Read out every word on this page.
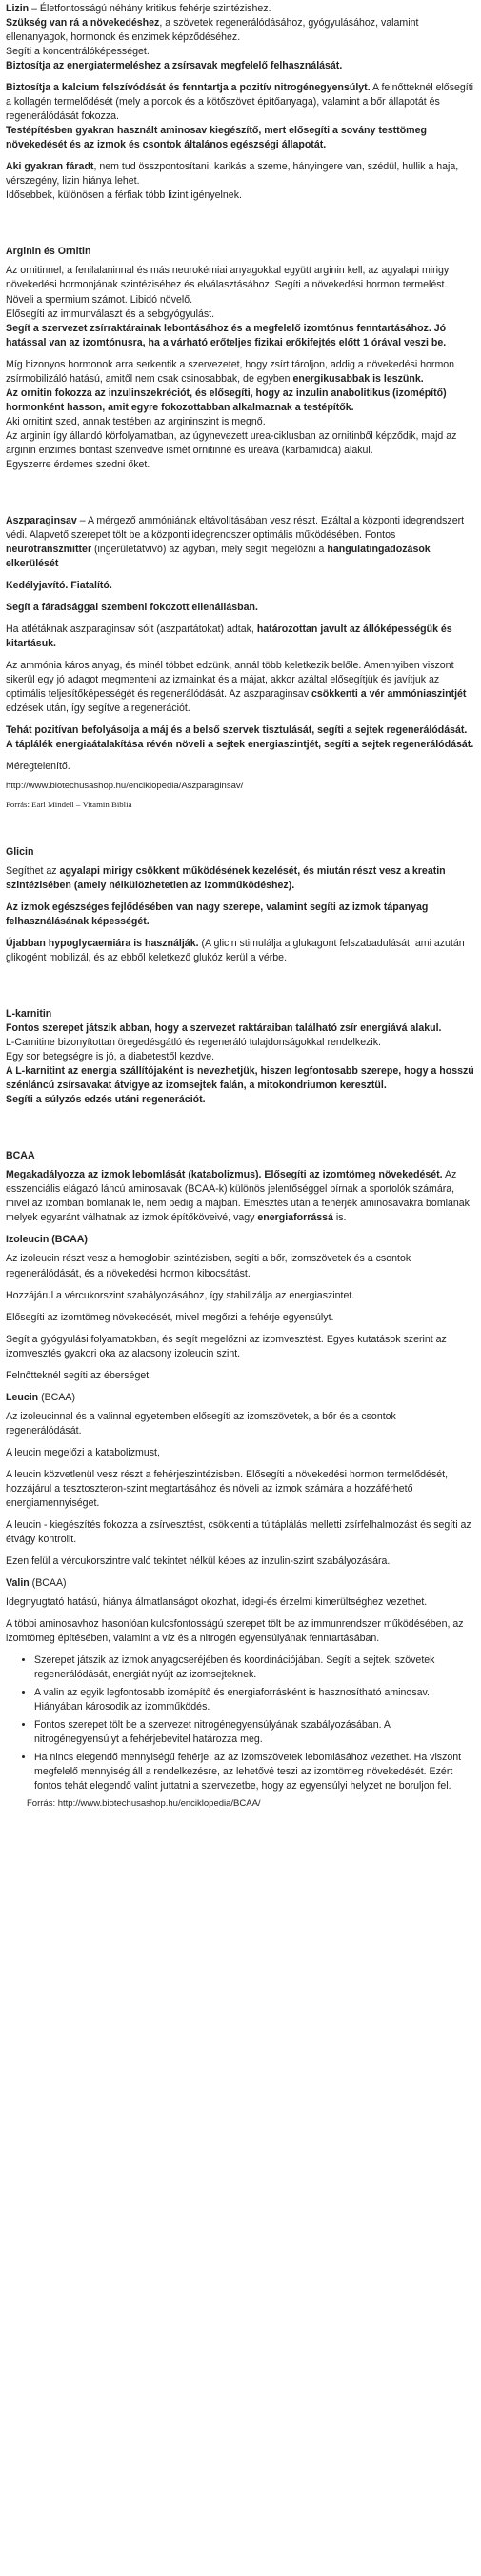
Lizin – Életfontosságú néhány kritikus fehérje szintézishez.
Szükség van rá a növekedéshez, a szövetek regenerálódásához, gyógyulásához, valamint ellenanyagok, hormonok és enzimek képződéséhez.
Segíti a koncentrálóképességet.
Biztosítja az energiatermeléshez a zsírsavak megfelelő felhasználását.

Biztosítja a kalcium felszívódását és fenntartja a pozitív nitrogénegyensúlyt. A felnőtteknél elősegíti a kollagén termelődését (mely a porcok és a kötőszövet építőanyaga), valamint a bőr állapotát és regenerálódását fokozza.
Testépítésben gyakran használt aminosav kiegészítő, mert elősegíti a sovány testtömeg növekedését és az izmok és csontok általános egészségi állapotát.

Aki gyakran fáradt, nem tud összpontosítani, karikás a szeme, hányingere van, szédül, hullik a haja, vérszegény, lizin hiánya lehet.
Idősebbek, különösen a férfiak több lizint igényelnek.

Arginin és Ornitin

Az ornitinnel, a fenilalaninnal és más neurokémiai anyagokkal együtt arginin kell, az agyalapi mirigy növekedési hormonjának szintéziséhez és elválasztásához. Segíti a növekedési hormon termelést.
Növeli a spermium számot. Libidó növelő.
Elősegíti az immunválaszt és a sebgyógyulást.
Segít a szervezet zsírraktárainak lebontásához és a megfelelő izomtónus fenntartásához. Jó hatással van az izomtónusra, ha a várható erőteljes fizikai erőkifejtés előtt 1 órával veszi be.

Míg bizonyos hormonok arra serkentik a szervezetet, hogy zsírt tároljon, addig a növekedési hormon zsírmobilizáló hatású, amitől nem csak csinosabbak, de egyben energikusabbak is leszünk.
Az ornitin fokozza az inzulinszekréciót, és elősegíti, hogy az inzulin anabolitikus (izomépítő) hormonként hasson, amit egyre fokozottabban alkalmaznak a testépítők.
Aki ornitint szed, annak testében az argininszint is megnő.
Az arginin így állandó körfolyamatban, az úgynevezett urea-ciklusban az ornitinből képződik, majd az arginin enzimes bontást szenvedve ismét ornitinné és ureává (karbamiddá) alakul.
Egyszerre érdemes szedni őket.

Aszparaginsav – A mérgező ammóniának eltávolításában vesz részt. Ezáltal a központi idegrendszert védi. Alapvető szerepet tölt be a központi idegrendszer optimális működésében. Fontos neurotranszmitter (ingerületátvivő) az agyban, mely segít megelőzni a hangulatingadozások elkerülését

Kedélyjavító. Fiatalító.

Segít a fáradsággal szembeni fokozott ellenállásban.

Ha atlétáknak aszparaginsav sóit (aszpartátokat) adtak, határozottan javult az állóképességük és kitartásuk.

Az ammónia káros anyag, és minél többet edzünk, annál több keletkezik belőle. Amennyiben viszont sikerül egy jó adagot megmenteni az izmainkat és a májat, akkor azáltal elősegítjük és javítjuk az optimális teljesítőképességét és regenerálódását. Az aszparaginsav csökkenti a vér ammóniaszintjét edzések után, így segítve a regenerációt.

Tehát pozitívan befolyásolja a máj és a belső szervek tisztulását, segíti a sejtek regenerálódását. A táplálék energiaátalakítása révén növeli a sejtek energiaszintjét, segíti a sejtek regenerálódását.

Méregtelenítő.

http://www.biotechusashop.hu/enciklopedia/Aszparaginsav/

Forrás: Earl Mindell – Vitamin Biblia

Glicin

Segíthet az agyalapi mirigy csökkent működésének kezelését, és miután részt vesz a kreatin szintézisében (amely nélkülözhetetlen az izomműködéshez).

Az izmok egészséges fejlődésében van nagy szerepe, valamint segíti az izmok tápanyag felhasználásának képességét.

Újabban hypoglycaemiára is használják. (A glicin stimulálja a glukagont felszabadulását, ami azután glikogént mobilizál, és az ebből keletkező glukóz kerül a vérbe.

L-karnitin
Fontos szerepet játszik abban, hogy a szervezet raktáraiban található zsír energiává alakul.
L-Carnitine bizonyítottan öregedésgátló és regeneráló tulajdonságokkal rendelkezik.
Egy sor betegségre is jó, a diabetestől kezdve.
A L-karnitint az energia szállítójaként is nevezhetjük, hiszen legfontosabb szerepe, hogy a hosszú szénláncú zsírsavakat átvigye az izomsejtek falán, a mitokondriumon keresztül.
Segíti a súlyzós edzés utáni regenerációt.

BCAA

Megakadályozza az izmok lebomlását (katabolizmus). Elősegíti az izomtömeg növekedését. Az esszenciális elágazó láncú aminosavak (BCAA-k) különös jelentőséggel bírnak a sportolók számára, mivel az izomban bomlanak le, nem pedig a májban. Emésztés után a fehérjék aminosavakra bomlanak, melyek egyaránt válhatnak az izmok építőköveivé, vagy energiaforrássá is.

Izoleucin (BCAA)

Az izoleucin részt vesz a hemoglobin szintézisben, segíti a bőr, izomszövetek és a csontok regenerálódását, és a növekedési hormon kibocsátást.

Hozzájárul a vércukorszint szabályozásához, így stabilizálja az energiaszintet.

Elősegíti az izomtömeg növekedését, mivel megőrzi a fehérje egyensúlyt.

Segít a gyógyulási folyamatokban, és segít megelőzni az izomvesztést. Egyes kutatások szerint az izomvesztés gyakori oka az alacsony izoleucin szint.

Felnőtteknél segíti az éberséget.

Leucin (BCAA)

Az izoleucinnal és a valinnal egyetemben elősegíti az izomszövetek, a bőr és a csontok regenerálódását.

A leucin megelőzi a katabolizmust,

A leucin közvetlenül vesz részt a fehérjeszintézisben. Elősegíti a növekedési hormon termelődését, hozzájárul a tesztoszteron-szint megtartásához és növeli az izmok számára a hozzáférhető energiamennyiséget.

A leucin - kiegészítés fokozza a zsírvesztést, csökkenti a túltáplálás melletti zsírfelhalmozást és segíti az étvágy kontrollt.

Ezen felül a vércukorszintre való tekintet nélkül képes az inzulin-szint szabályozására.

Valin (BCAA)

Idegnyugtató hatású, hiánya álmatlanságot okozhat, idegi-és érzelmi kimerültséghez vezethet.

A többi aminosavhoz hasonlóan kulcsfontosságú szerepet tölt be az immunrendszer működésében, az izomtömeg építésében, valamint a víz és a nitrogén egyensúlyának fenntartásában.

• Szerepet játszik az izmok anyagcseréjében és koordinációjában. Segíti a sejtek, szövetek regenerálódását, energiát nyújt az izomsejteknek.
• A valin az egyik legfontosabb izomépítő és energiaforrásként is hasznosítható aminosav. Hiányában károsodik az izomműködés.
• Fontos szerepet tölt be a szervezet nitrogénegyensúlyának szabályozásában. A nitrogénegyensúlyt a fehérjebevitel határozza meg.
• Ha nincs elegendő mennyiségű fehérje, az az izomszövetek lebomlásához vezethet. Ha viszont megfelelő mennyiség áll a rendelkezésre, az lehetővé teszi az izomtömeg növekedését. Ezért fontos tehát elegendő valint juttatni a szervezetbe, hogy az egyensúlyi helyzet ne boruljon fel.

Forrás: http://www.biotechusashop.hu/enciklopedia/BCAA/
